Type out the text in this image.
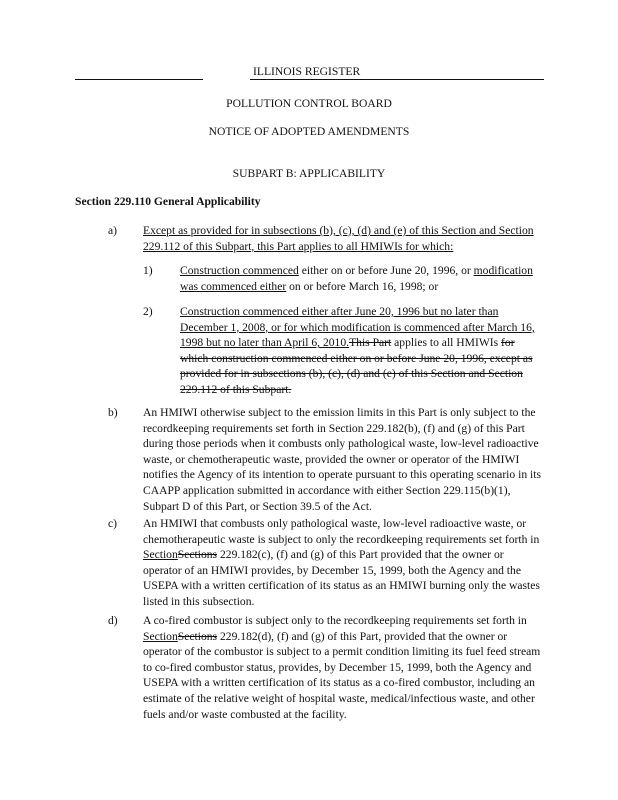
ILLINOIS REGISTER
POLLUTION CONTROL BOARD
NOTICE OF ADOPTED AMENDMENTS
SUBPART B: APPLICABILITY
Section 229.110 General Applicability
a) Except as provided for in subsections (b), (c), (d) and (e) of this Section and Section 229.112 of this Subpart, this Part applies to all HMIWIs for which:

1) Construction commenced either on or before June 20, 1996, or modification was commenced either on or before March 16, 1998; or

2) Construction commenced either after June 20, 1996 but no later than December 1, 2008, or for which modification is commenced after March 16, 1998 but no later than April 6, 2010.This Part applies to all HMIWIs for which construction commenced either on or before June 20, 1996, except as provided for in subsections (b), (c), (d) and (e) of this Section and Section 229.112 of this Subpart.

b) An HMIWI otherwise subject to the emission limits in this Part is only subject to the recordkeeping requirements set forth in Section 229.182(b), (f) and (g) of this Part during those periods when it combusts only pathological waste, low-level radioactive waste, or chemotherapeutic waste, provided the owner or operator of the HMIWI notifies the Agency of its intention to operate pursuant to this operating scenario in its CAAPP application submitted in accordance with either Section 229.115(b)(1), Subpart D of this Part, or Section 39.5 of the Act.

c) An HMIWI that combusts only pathological waste, low-level radioactive waste, or chemotherapeutic waste is subject to only the recordkeeping requirements set forth in SectionSections 229.182(c), (f) and (g) of this Part provided that the owner or operator of an HMIWI provides, by December 15, 1999, both the Agency and the USEPA with a written certification of its status as an HMIWI burning only the wastes listed in this subsection.

d) A co-fired combustor is subject only to the recordkeeping requirements set forth in SectionSections 229.182(d), (f) and (g) of this Part, provided that the owner or operator of the combustor is subject to a permit condition limiting its fuel feed stream to co-fired combustor status, provides, by December 15, 1999, both the Agency and USEPA with a written certification of its status as a co-fired combustor, including an estimate of the relative weight of hospital waste, medical/infectious waste, and other fuels and/or waste combusted at the facility.
